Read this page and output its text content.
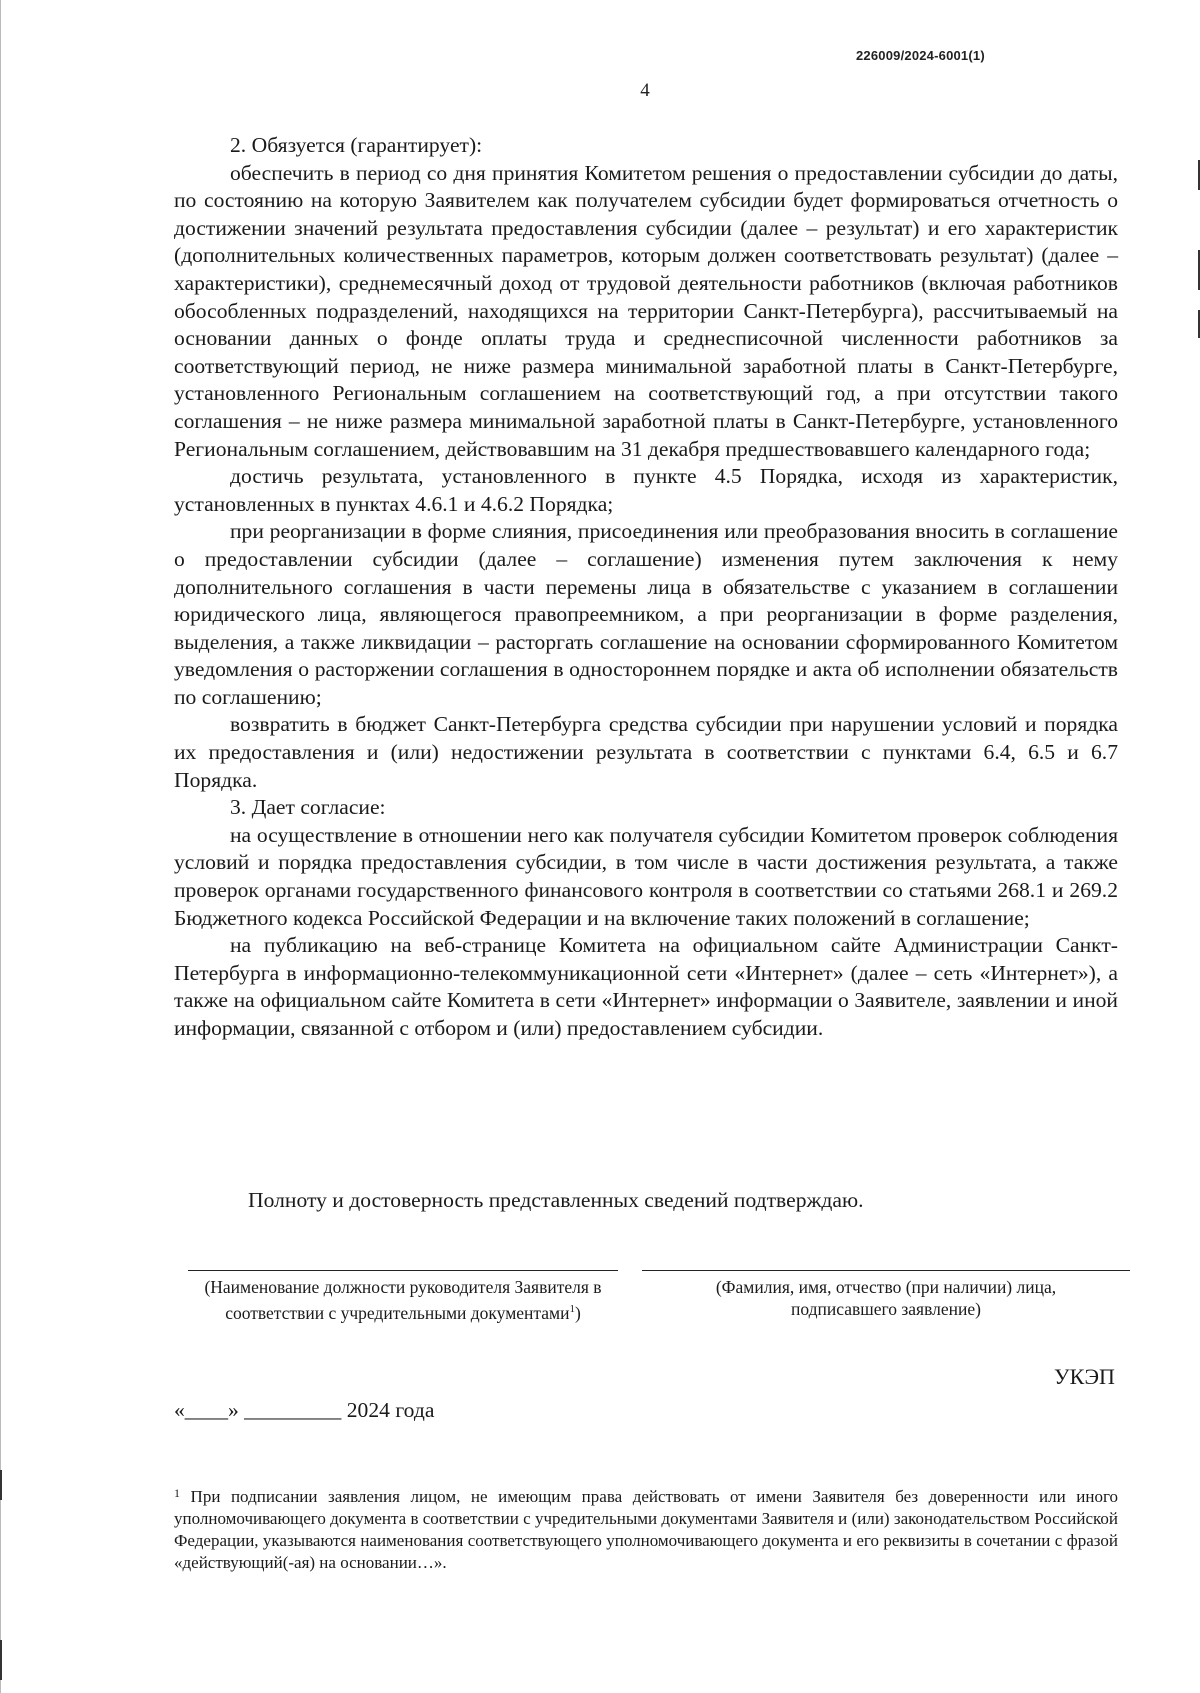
226009/2024-6001(1)
4

2. Обязуется (гарантирует):

обеспечить в период со дня принятия Комитетом решения о предоставлении субсидии до даты, по состоянию на которую Заявителем как получателем субсидии будет формироваться отчетность о достижении значений результата предоставления субсидии (далее – результат) и его характеристик (дополнительных количественных параметров, которым должен соответствовать результат) (далее – характеристики), среднемесячный доход от трудовой деятельности работников (включая работников обособленных подразделений, находящихся на территории Санкт-Петербурга), рассчитываемый на основании данных о фонде оплаты труда и среднесписочной численности работников за соответствующий период, не ниже размера минимальной заработной платы в Санкт-Петербурге, установленного Региональным соглашением на соответствующий год, а при отсутствии такого соглашения – не ниже размера минимальной заработной платы в Санкт-Петербурге, установленного Региональным соглашением, действовавшим на 31 декабря предшествовавшего календарного года;

достичь результата, установленного в пункте 4.5 Порядка, исходя из характеристик, установленных в пунктах 4.6.1 и 4.6.2 Порядка;

при реорганизации в форме слияния, присоединения или преобразования вносить в соглашение о предоставлении субсидии (далее – соглашение) изменения путем заключения к нему дополнительного соглашения в части перемены лица в обязательстве с указанием в соглашении юридического лица, являющегося правопреемником, а при реорганизации в форме разделения, выделения, а также ликвидации – расторгать соглашение на основании сформированного Комитетом уведомления о расторжении соглашения в одностороннем порядке и акта об исполнении обязательств по соглашению;

возвратить в бюджет Санкт-Петербурга средства субсидии при нарушении условий и порядка их предоставления и (или) недостижении результата в соответствии с пунктами 6.4, 6.5 и 6.7 Порядка.

3. Дает согласие:

на осуществление в отношении него как получателя субсидии Комитетом проверок соблюдения условий и порядка предоставления субсидии, в том числе в части достижения результата, а также проверок органами государственного финансового контроля в соответствии со статьями 268.1 и 269.2 Бюджетного кодекса Российской Федерации и на включение таких положений в соглашение;

на публикацию на веб-странице Комитета на официальном сайте Администрации Санкт-Петербурга в информационно-телекоммуникационной сети «Интернет» (далее – сеть «Интернет»), а также на официальном сайте Комитета в сети «Интернет» информации о Заявителе, заявлении и иной информации, связанной с отбором и (или) предоставлением субсидии.

Полноту и достоверность представленных сведений подтверждаю.
(Наименование должности руководителя Заявителя в соответствии с учредительными документами$^1$)
(Фамилия, имя, отчество (при наличии) лица, подписавшего заявление)
УКЭП
«____» _________ 2024 года

$^1$ При подписании заявления лицом, не имеющим права действовать от имени Заявителя без доверенности или иного уполномочивающего документа в соответствии с учредительными документами Заявителя и (или) законодательством Российской Федерации, указываются наименования соответствующего уполномочивающего документа и его реквизиты в сочетании с фразой «действующий(-ая) на основании…».
